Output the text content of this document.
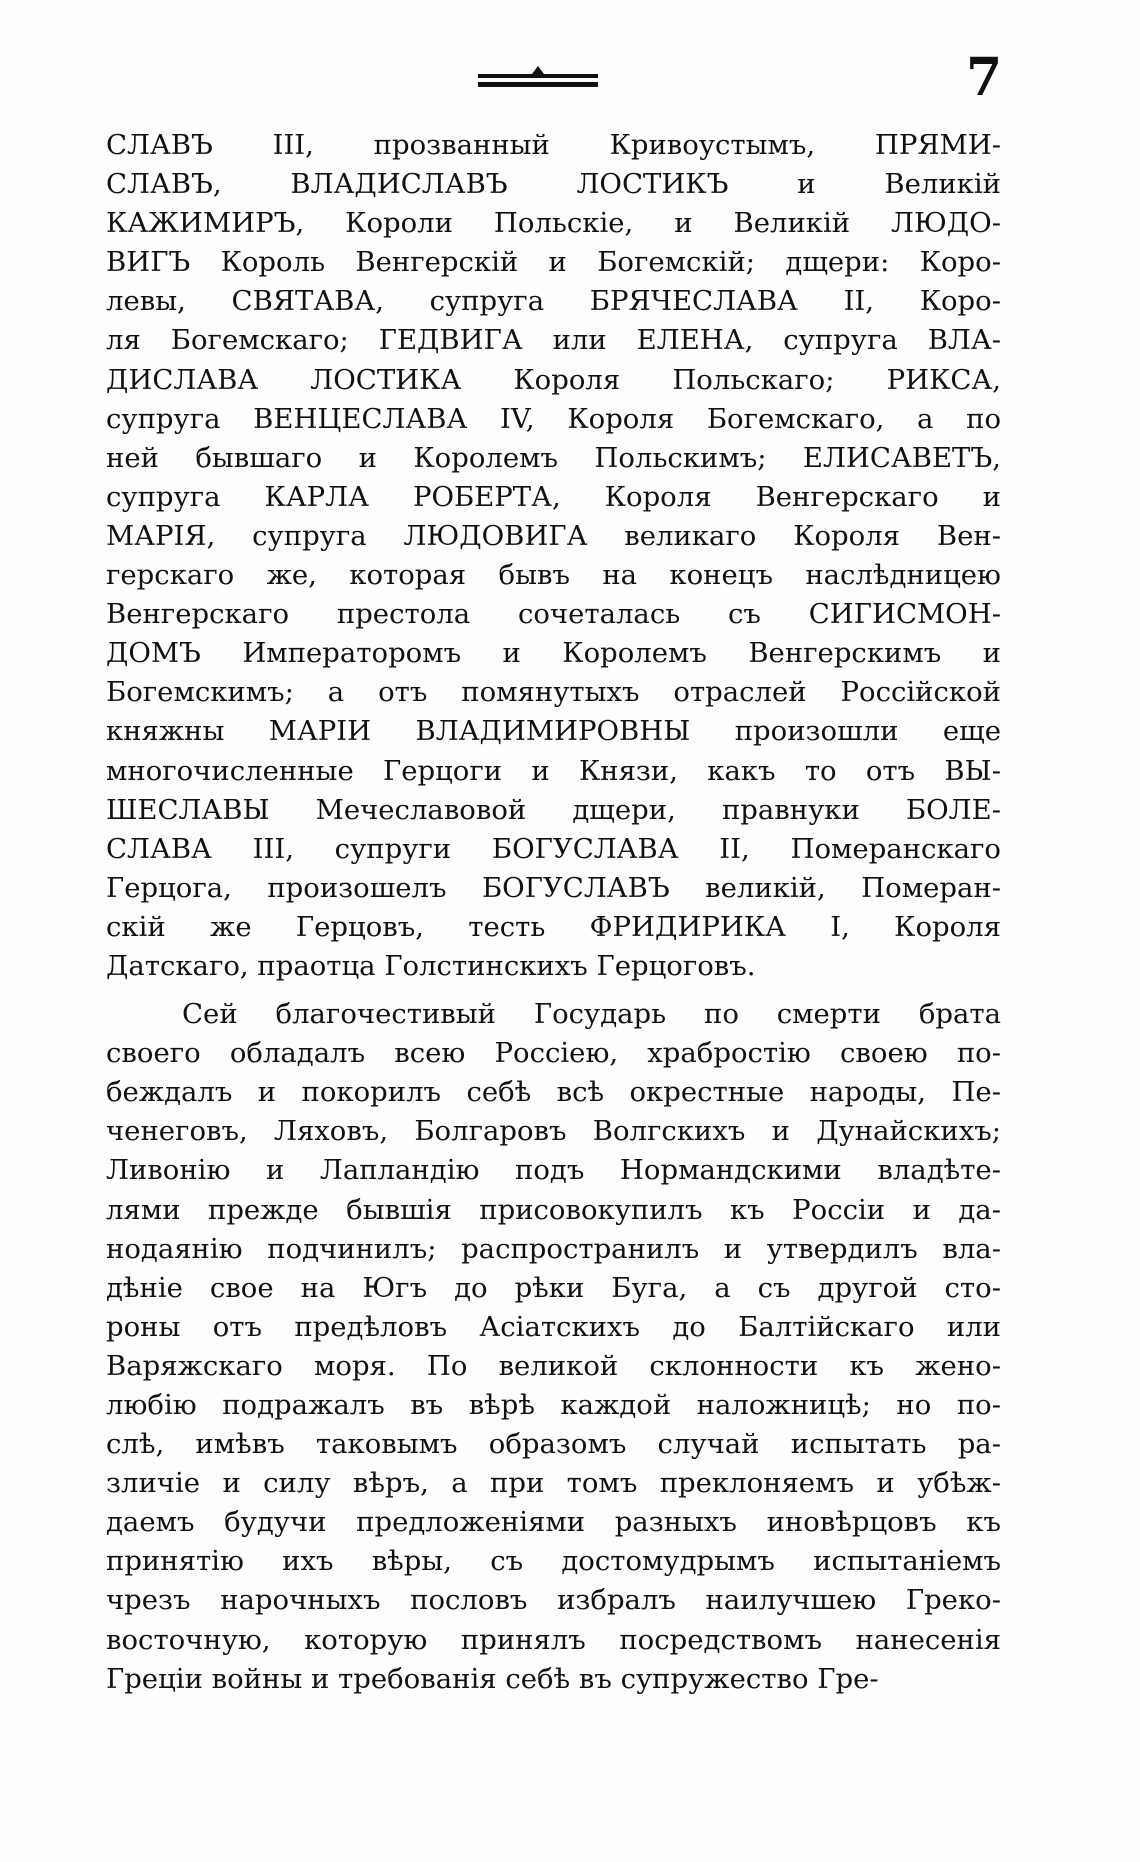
7
СЛАВЪ III, прозванный Кривоустымъ, ПРЯМИ-
СЛАВЪ, ВЛАДИСЛАВЪ ЛОСТИКЪ и Великій
КАЖИМИРЪ, Короли Польскіе, и Великій ЛЮДО-
ВИГЪ Король Венгерскій и Богемскій; дщери: Коро-
левы, СВЯТАВА, супруга БРЯЧЕСЛАВА II, Коро-
ля Богемскаго; ГЕДВИГА или ЕЛЕНА, супруга ВЛА-
ДИСЛАВА ЛОСТИКА Короля Польскаго; РИКСА,
супруга ВЕНЦЕСЛАВА IV, Короля Богемскаго, а по
ней бывшаго и Королемъ Польскимъ; ЕЛИСАВЕТЪ,
супруга КАРЛА РОБЕРТА, Короля Венгерскаго и
МАРІЯ, супруга ЛЮДОВИГА великаго Короля Вен-
герскаго же, которая бывъ на конецъ наслѣдницею
Венгерскаго престола сочеталась съ СИГИСМОН-
ДОМЪ Императоромъ и Королемъ Венгерскимъ и
Богемскимъ; а отъ помянутыхъ отраслей Россійской
княжны МАРІИ ВЛАДИМИРОВНЫ произошли еще
многочисленные Герцоги и Князи, какъ то отъ ВЫ-
ШЕСЛАВЫ Мечеславовой дщери, правнуки БОЛЕ-
СЛАВА III, супруги БОГУСЛАВА II, Померанскаго
Герцога, произошелъ БОГУСЛАВЪ великій, Померан-
скій же Герцовъ, тесть ФРИДИРИКА I, Короля
Датскаго, праотца Голстинскихъ Герцоговъ.
Сей благочестивый Государь по смерти брата
своего обладалъ всею Россіею, храбростію своею по-
беждалъ и покорилъ себѣ всѣ окрестные народы, Пе-
ченеговъ, Ляховъ, Болгаровъ Волгскихъ и Дунайскихъ;
Ливонію и Лапландію подъ Нормандскими владѣте-
лями прежде бывшія присовокупилъ къ Россіи и да-
нодаянію подчинилъ; распространилъ и утвердилъ вла-
дѣніе свое на Югъ до рѣки Буга, а съ другой сто-
роны отъ предѣловъ Асіатскихъ до Балтійскаго или
Варяжскаго моря. По великой склонности къ жено-
любію подражалъ въ вѣрѣ каждой наложницѣ; но по-
слѣ, имѣвъ таковымъ образомъ случай испытать ра-
зличіе и силу вѣръ, а при томъ преклоняемъ и убѣж-
даемъ будучи предложеніями разныхъ иновѣрцовъ къ
принятію ихъ вѣры, съ достомудрымъ испытаніемъ
чрезъ нарочныхъ пословъ избралъ наилучшею Греко-
восточную, которую принялъ посредствомъ нанесенія
Греціи войны и требованія себѣ въ супружество Гре-
